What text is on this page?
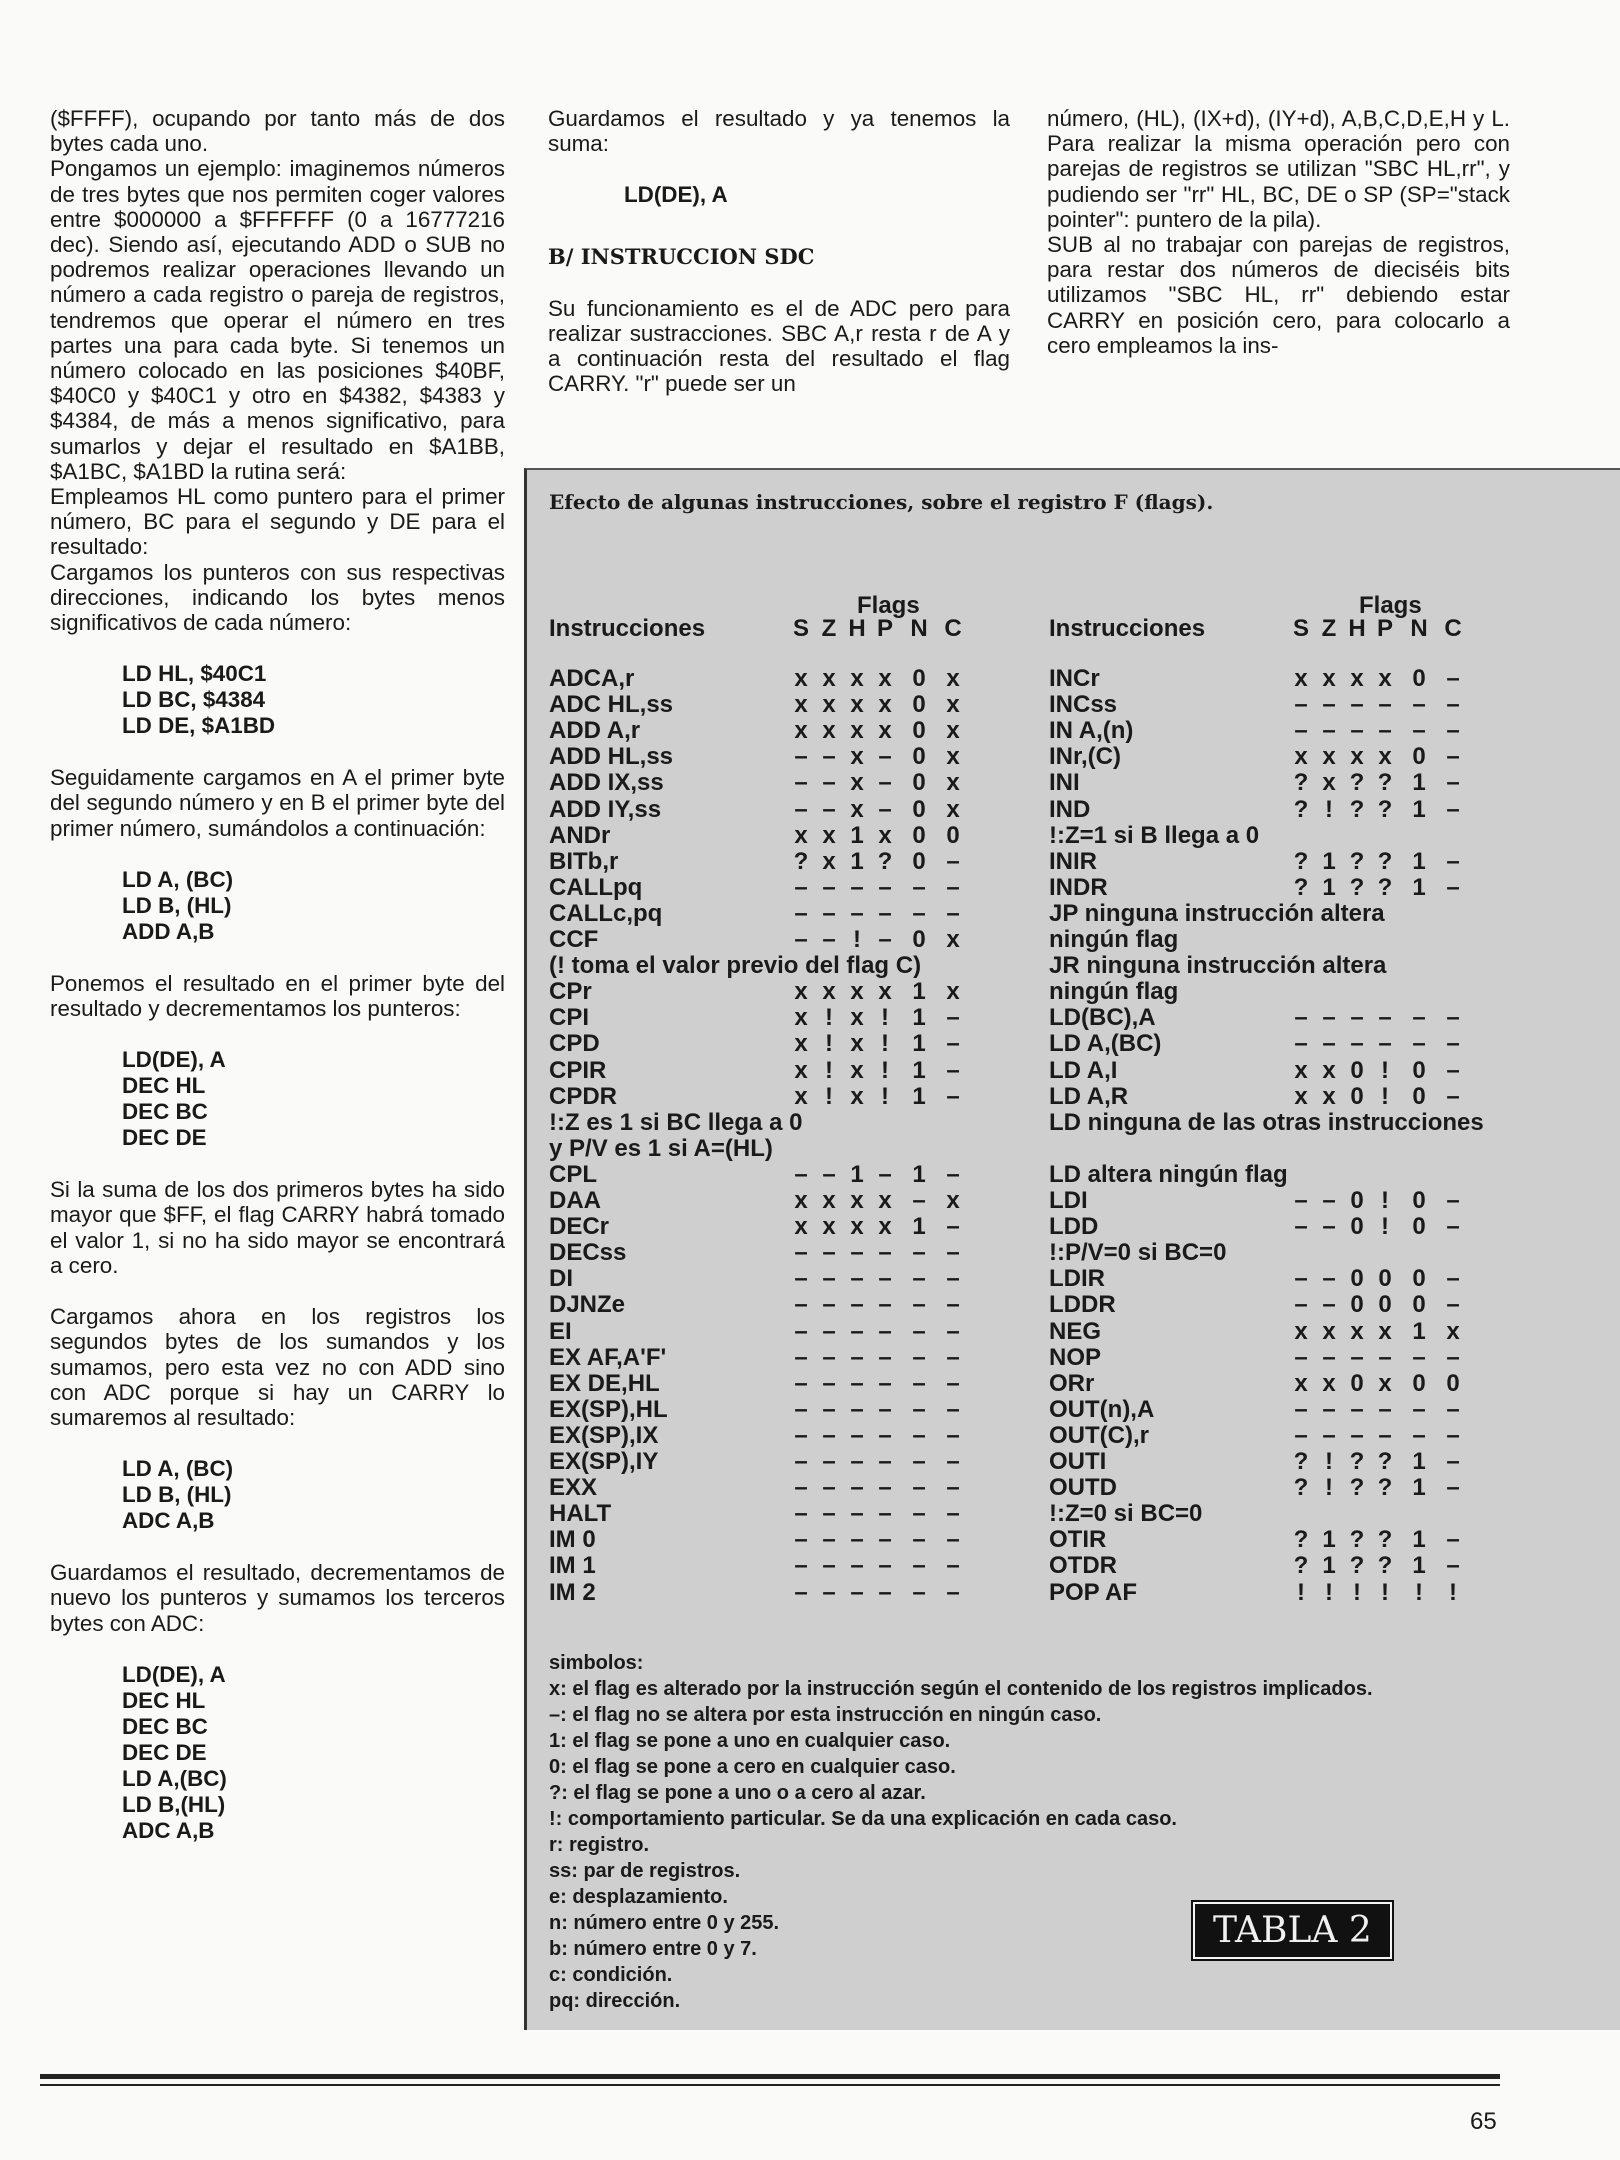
($FFFF), ocupando por tanto más de dos bytes cada uno.

Pongamos un ejemplo: imaginemos números de tres bytes que nos permiten coger valores entre $000000 a $FFFFFF (0 a 16777216 dec). Siendo así, ejecutando ADD o SUB no podremos realizar operaciones llevando un número a cada registro o pareja de registros, tendremos que operar el número en tres partes una para cada byte. Si tenemos un número colocado en las posiciones $40BF, $40C0 y $40C1 y otro en $4382, $4383 y $4384, de más a menos significativo, para sumarlos y dejar el resultado en $A1BB, $A1BC, $A1BD la rutina será:

Empleamos HL como puntero para el primer número, BC para el segundo y DE para el resultado:

Cargamos los punteros con sus respectivas direcciones, indicando los bytes menos significativos de cada número:

LD HL, $40C1
LD BC, $4384
LD DE, $A1BD

Seguidamente cargamos en A el primer byte del segundo número y en B el primer byte del primer número, sumándolos a continuación:

LD A, (BC)
LD B, (HL)
ADD A,B

Ponemos el resultado en el primer byte del resultado y decrementamos los punteros:

LD(DE), A
DEC HL
DEC BC
DEC DE

Si la suma de los dos primeros bytes ha sido mayor que $FF, el flag CARRY habrá tomado el valor 1, si no ha sido mayor se encontrará a cero.

Cargamos ahora en los registros los segundos bytes de los sumandos y los sumamos, pero esta vez no con ADD sino con ADC porque si hay un CARRY lo sumaremos al resultado:

LD A, (BC)
LD B, (HL)
ADC A,B

Guardamos el resultado, decrementamos de nuevo los punteros y sumamos los terceros bytes con ADC:

LD(DE), A
DEC HL
DEC BC
DEC DE
LD A,(BC)
LD B,(HL)
ADC A,B

Guardamos el resultado y ya tenemos la suma:

LD(DE), A
B/ INSTRUCCION SDC

Su funcionamiento es el de ADC pero para realizar sustracciones. SBC A,r resta r de A y a continuación resta del resultado el flag CARRY. "r" puede ser un

número, (HL), (IX+d), (IY+d), A,B,C,D,E,H y L. Para realizar la misma operación pero con parejas de registros se utilizan "SBC HL,rr", y pudiendo ser "rr" HL, BC, DE o SP (SP="stack pointer": puntero de la pila).

SUB al no trabajar con parejas de registros, para restar dos números de dieciséis bits utilizamos "SBC HL, rr" debiendo estar CARRY en posición cero, para colocarlo a cero empleamos la ins-

Efecto de algunas instrucciones, sobre el registro F (flags).
Flags	Flags
Instrucciones	S Z H P N C	Instrucciones	S Z H P N C
ADCA,r	x x x x 0 x
ADC HL,ss	x x x x 0 x
ADD A,r	x x x x 0 x
ADD HL,ss	– – x – 0 x
ADD IX,ss	– – x – 0 x
ADD IY,ss	– – x – 0 x
ANDr	x x 1 x 0 0
BITb,r	? x 1 ? 0 –
CALLpq	– – – – – –
CALLc,pq	– – – – – –
CCF	– – ! – 0 x
(! toma el valor previo del flag C)
CPr	x x x x 1 x
CPI	x ! x ! 1 –
CPD	x ! x ! 1 –
CPIR	x ! x ! 1 –
CPDR	x ! x ! 1 –
!:Z es 1 si BC llega a 0
y P/V es 1 si A=(HL)
CPL	– – 1 – 1 –
DAA	x x x x – x
DECr	x x x x 1 –
DECss	– – – – – –
DI	– – – – – –
DJNZe	– – – – – –
EI	– – – – – –
EX AF,A'F'	– – – – – –
EX DE,HL	– – – – – –
EX(SP),HL	– – – – – –
EX(SP),IX	– – – – – –
EX(SP),IY	– – – – – –
EXX	– – – – – –
HALT	– – – – – –
IM 0	– – – – – –
IM 1	– – – – – –
IM 2	– – – – – –
INCr	x x x x 0 –
INCss	– – – – – –
IN A,(n)	– – – – – –
INr,(C)	x x x x 0 –
INI	? x ? ? 1 –
IND	? ! ? ? 1 –
!:Z=1 si B llega a 0
INIR	? 1 ? ? 1 –
INDR	? 1 ? ? 1 –
JP ninguna instrucción altera
ningún flag
JR ninguna instrucción altera
ningún flag
LD(BC),A	– – – – – –
LD A,(BC)	– – – – – –
LD A,I	x x 0 ! 0 –
LD A,R	x x 0 ! 0 –
LD ninguna de las otras instrucciones
LD altera ningún flag
LDI	– – 0 ! 0 –
LDD	– – 0 ! 0 –
!:P/V=0 si BC=0
LDIR	– – 0 0 0 –
LDDR	– – 0 0 0 –
NEG	x x x x 1 x
NOP	– – – – – –
ORr	x x 0 x 0 0
OUT(n),A	– – – – – –
OUT(C),r	– – – – – –
OUTI	? ! ? ? 1 –
OUTD	? ! ? ? 1 –
!:Z=0 si BC=0
OTIR	? 1 ? ? 1 –
OTDR	? 1 ? ? 1 –
POP AF	! ! ! !	!	!
simbolos:
x: el flag es alterado por la instrucción según el contenido de los registros implicados.
–: el flag no se altera por esta instrucción en ningún caso.
1: el flag se pone a uno en cualquier caso.
0: el flag se pone a cero en cualquier caso.
?: el flag se pone a uno o a cero al azar.
!: comportamiento particular. Se da una explicación en cada caso.
r: registro.
ss: par de registros.
e: desplazamiento.
n: número entre 0 y 255.
b: número entre 0 y 7.
c: condición.
pq: dirección.
TABLA 2
65
